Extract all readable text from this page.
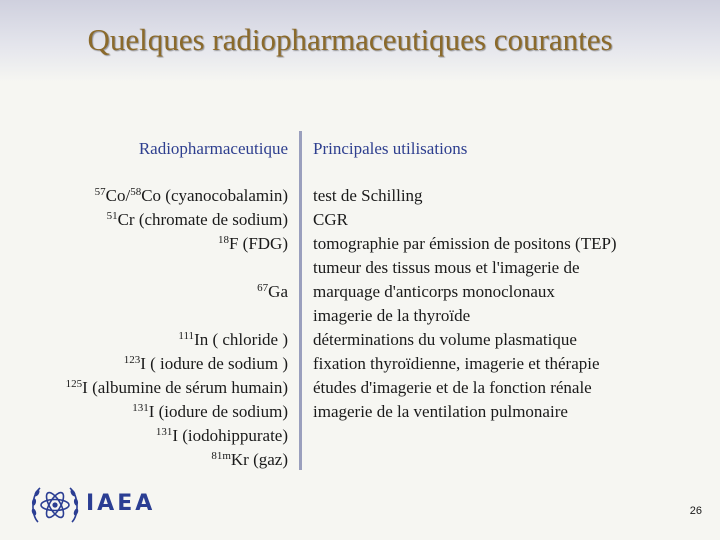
Quelques radiopharmaceutiques courantes
Radiopharmaceutique
$^{57}$Co/$^{58}$Co (cyanocobalamin)
$^{51}$Cr (chromate de sodium)
$^{18}$F (FDG)
$^{67}$Ga
$^{111}$In ( chloride )
$^{123}$I ( iodure de sodium )
$^{125}$I (albumine de sérum humain)
$^{131}$I (iodure de sodium)
$^{131}$I (iodohippurate)
$^{81m}$Kr (gaz)
Principales utilisations
test de Schilling
CGR
tomographie par émission de positons (TEP)
tumeur des tissus mous et l'imagerie de
marquage d'anticorps monoclonaux
imagerie de la thyroïde
déterminations du volume plasmatique
fixation thyroïdienne, imagerie et thérapie
études d'imagerie et de la fonction rénale
imagerie de la ventilation pulmonaire
IAEA	26
